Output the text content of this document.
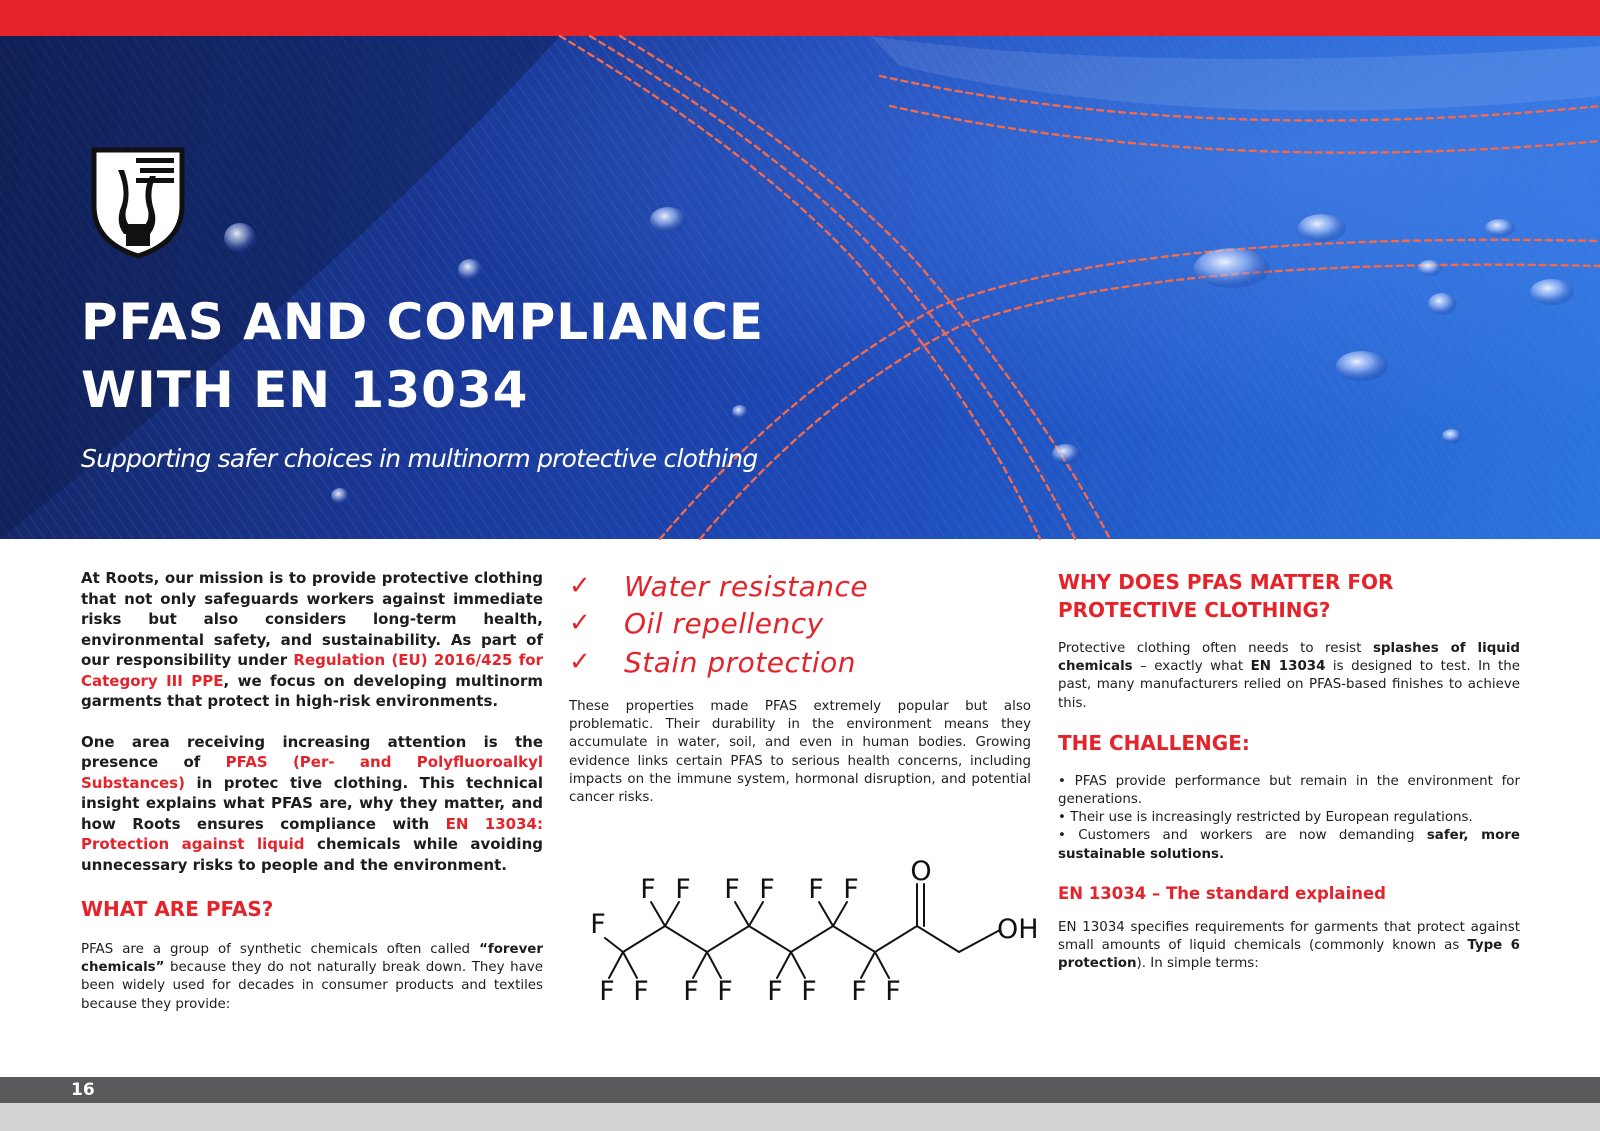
PFAS AND COMPLIANCE
WITH EN 13034

Supporting safer choices in multinorm protective clothing

At Roots, our mission is to provide protective clothing that not only safeguards workers against immediate risks but also considers long-term health, environmental safety, and sustainability. As part of our responsibility under Regulation (EU) 2016/425 for Category III PPE, we focus on developing multinorm garments that protect in high-risk environments.

One area receiving increasing attention is the presence of PFAS (Per- and Polyfluoroalkyl Substances) in protec tive clothing. This technical insight explains what PFAS are, why they matter, and how Roots ensures compliance with EN 13034: Protection against liquid chemicals while avoiding unnecessary risks to people and the environment.

WHAT ARE PFAS?

PFAS are a group of synthetic chemicals often called “forever chemicals” because they do not naturally break down. They have been widely used for decades in consumer products and textiles because they provide:

✓	Water resistance
✓	Oil repellency
✓	Stain protection

These properties made PFAS extremely popular but also problematic. Their durability in the environment means they accumulate in water, soil, and even in human bodies. Growing evidence links certain PFAS to serious health concerns, including impacts on the immune system, hormonal disruption, and potential cancer risks.

F
F F F F F F
F F F F F F F F
O
OH
WHY DOES PFAS MATTER FOR PROTECTIVE CLOTHING?

Protective clothing often needs to resist splashes of liquid chemicals – exactly what EN 13034 is designed to test. In the past, many manufacturers relied on PFAS-based finishes to achieve this.

THE CHALLENGE:

• PFAS provide performance but remain in the environment for generations.

• Their use is increasingly restricted by European regulations.

• Customers and workers are now demanding safer, more sustainable solutions.

EN 13034 – The standard explained

EN 13034 specifies requirements for garments that protect against small amounts of liquid chemicals (commonly known as Type 6 protection). In simple terms:

16
